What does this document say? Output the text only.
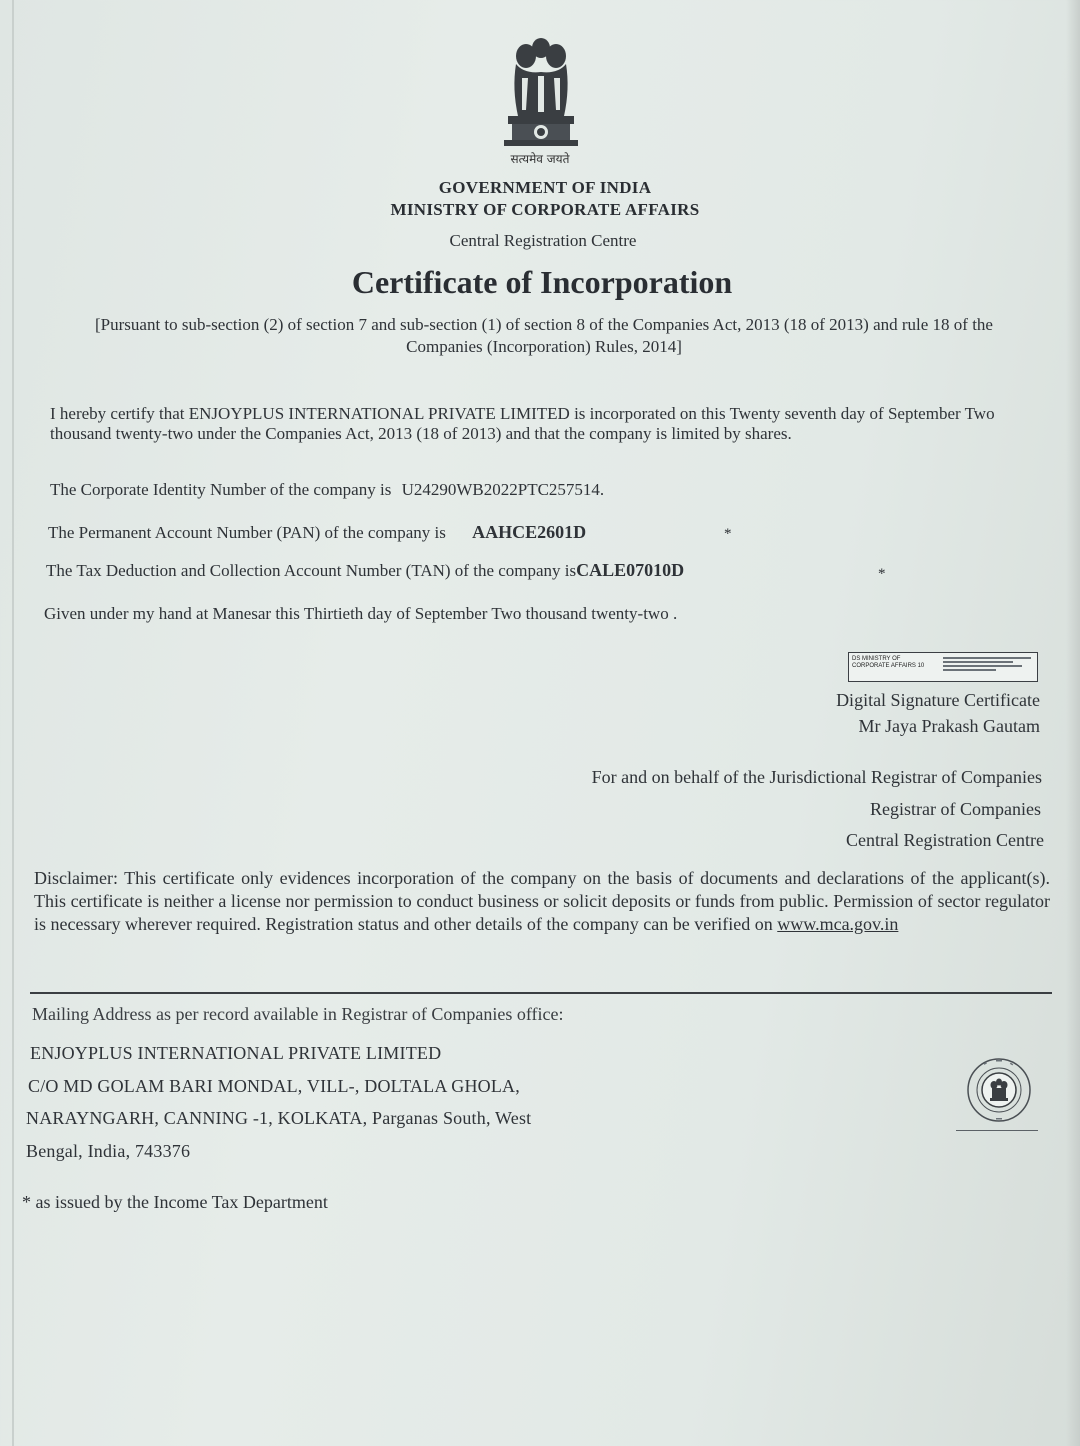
सत्यमेव जयते
GOVERNMENT OF INDIA
MINISTRY OF CORPORATE AFFAIRS
Central Registration Centre
Certificate of Incorporation
[Pursuant to sub-section (2) of section 7 and sub-section (1) of section 8 of the Companies Act, 2013 (18 of 2013) and rule 18 of the Companies (Incorporation) Rules, 2014]
I hereby certify that ENJOYPLUS INTERNATIONAL PRIVATE LIMITED is incorporated on this Twenty seventh day of September Two thousand twenty-two under the Companies Act, 2013 (18 of 2013) and that the company is limited by shares.
The Corporate Identity Number of the company is U24290WB2022PTC257514.
The Permanent Account Number (PAN) of the company is AAHCE2601D	*
The Tax Deduction and Collection Account Number (TAN) of the company isCALE07010D	*
Given under my hand at Manesar this Thirtieth day of September Two thousand twenty-two .
DS MINISTRY OF
CORPORATE AFFAIRS 10
Digital Signature Certificate
Mr Jaya Prakash Gautam
For and on behalf of the Jurisdictional Registrar of Companies
Registrar of Companies
Central Registration Centre
Disclaimer: This certificate only evidences incorporation of the company on the basis of documents and declarations of the applicant(s). This certificate is neither a license nor permission to conduct business or solicit deposits or funds from public. Permission of sector regulator is necessary wherever required. Registration status and other details of the company can be verified on www.mca.gov.in
Mailing Address as per record available in Registrar of Companies office:
ENJOYPLUS INTERNATIONAL PRIVATE LIMITED
C/O MD GOLAM BARI MONDAL, VILL-, DOLTALA GHOLA,
NARAYNGARH, CANNING -1, KOLKATA, Parganas South, West
Bengal, India, 743376
* as issued by the Income Tax Department
